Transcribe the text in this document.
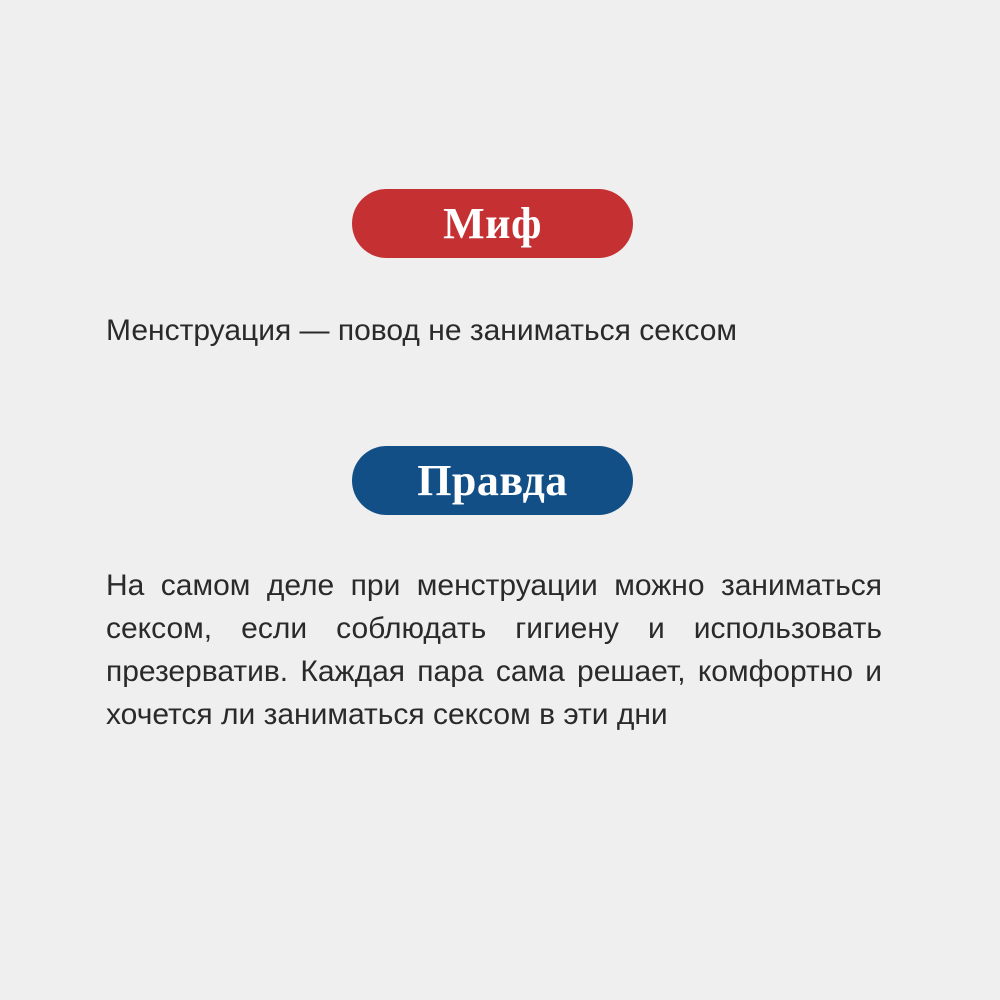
Миф

Менструация — повод не заниматься сексом

Правда

На самом деле при менструации можно заниматься сексом, если соблюдать гигиену и использовать презерватив. Каждая пара сама решает, комфортно и хочется ли заниматься сексом в эти дни
